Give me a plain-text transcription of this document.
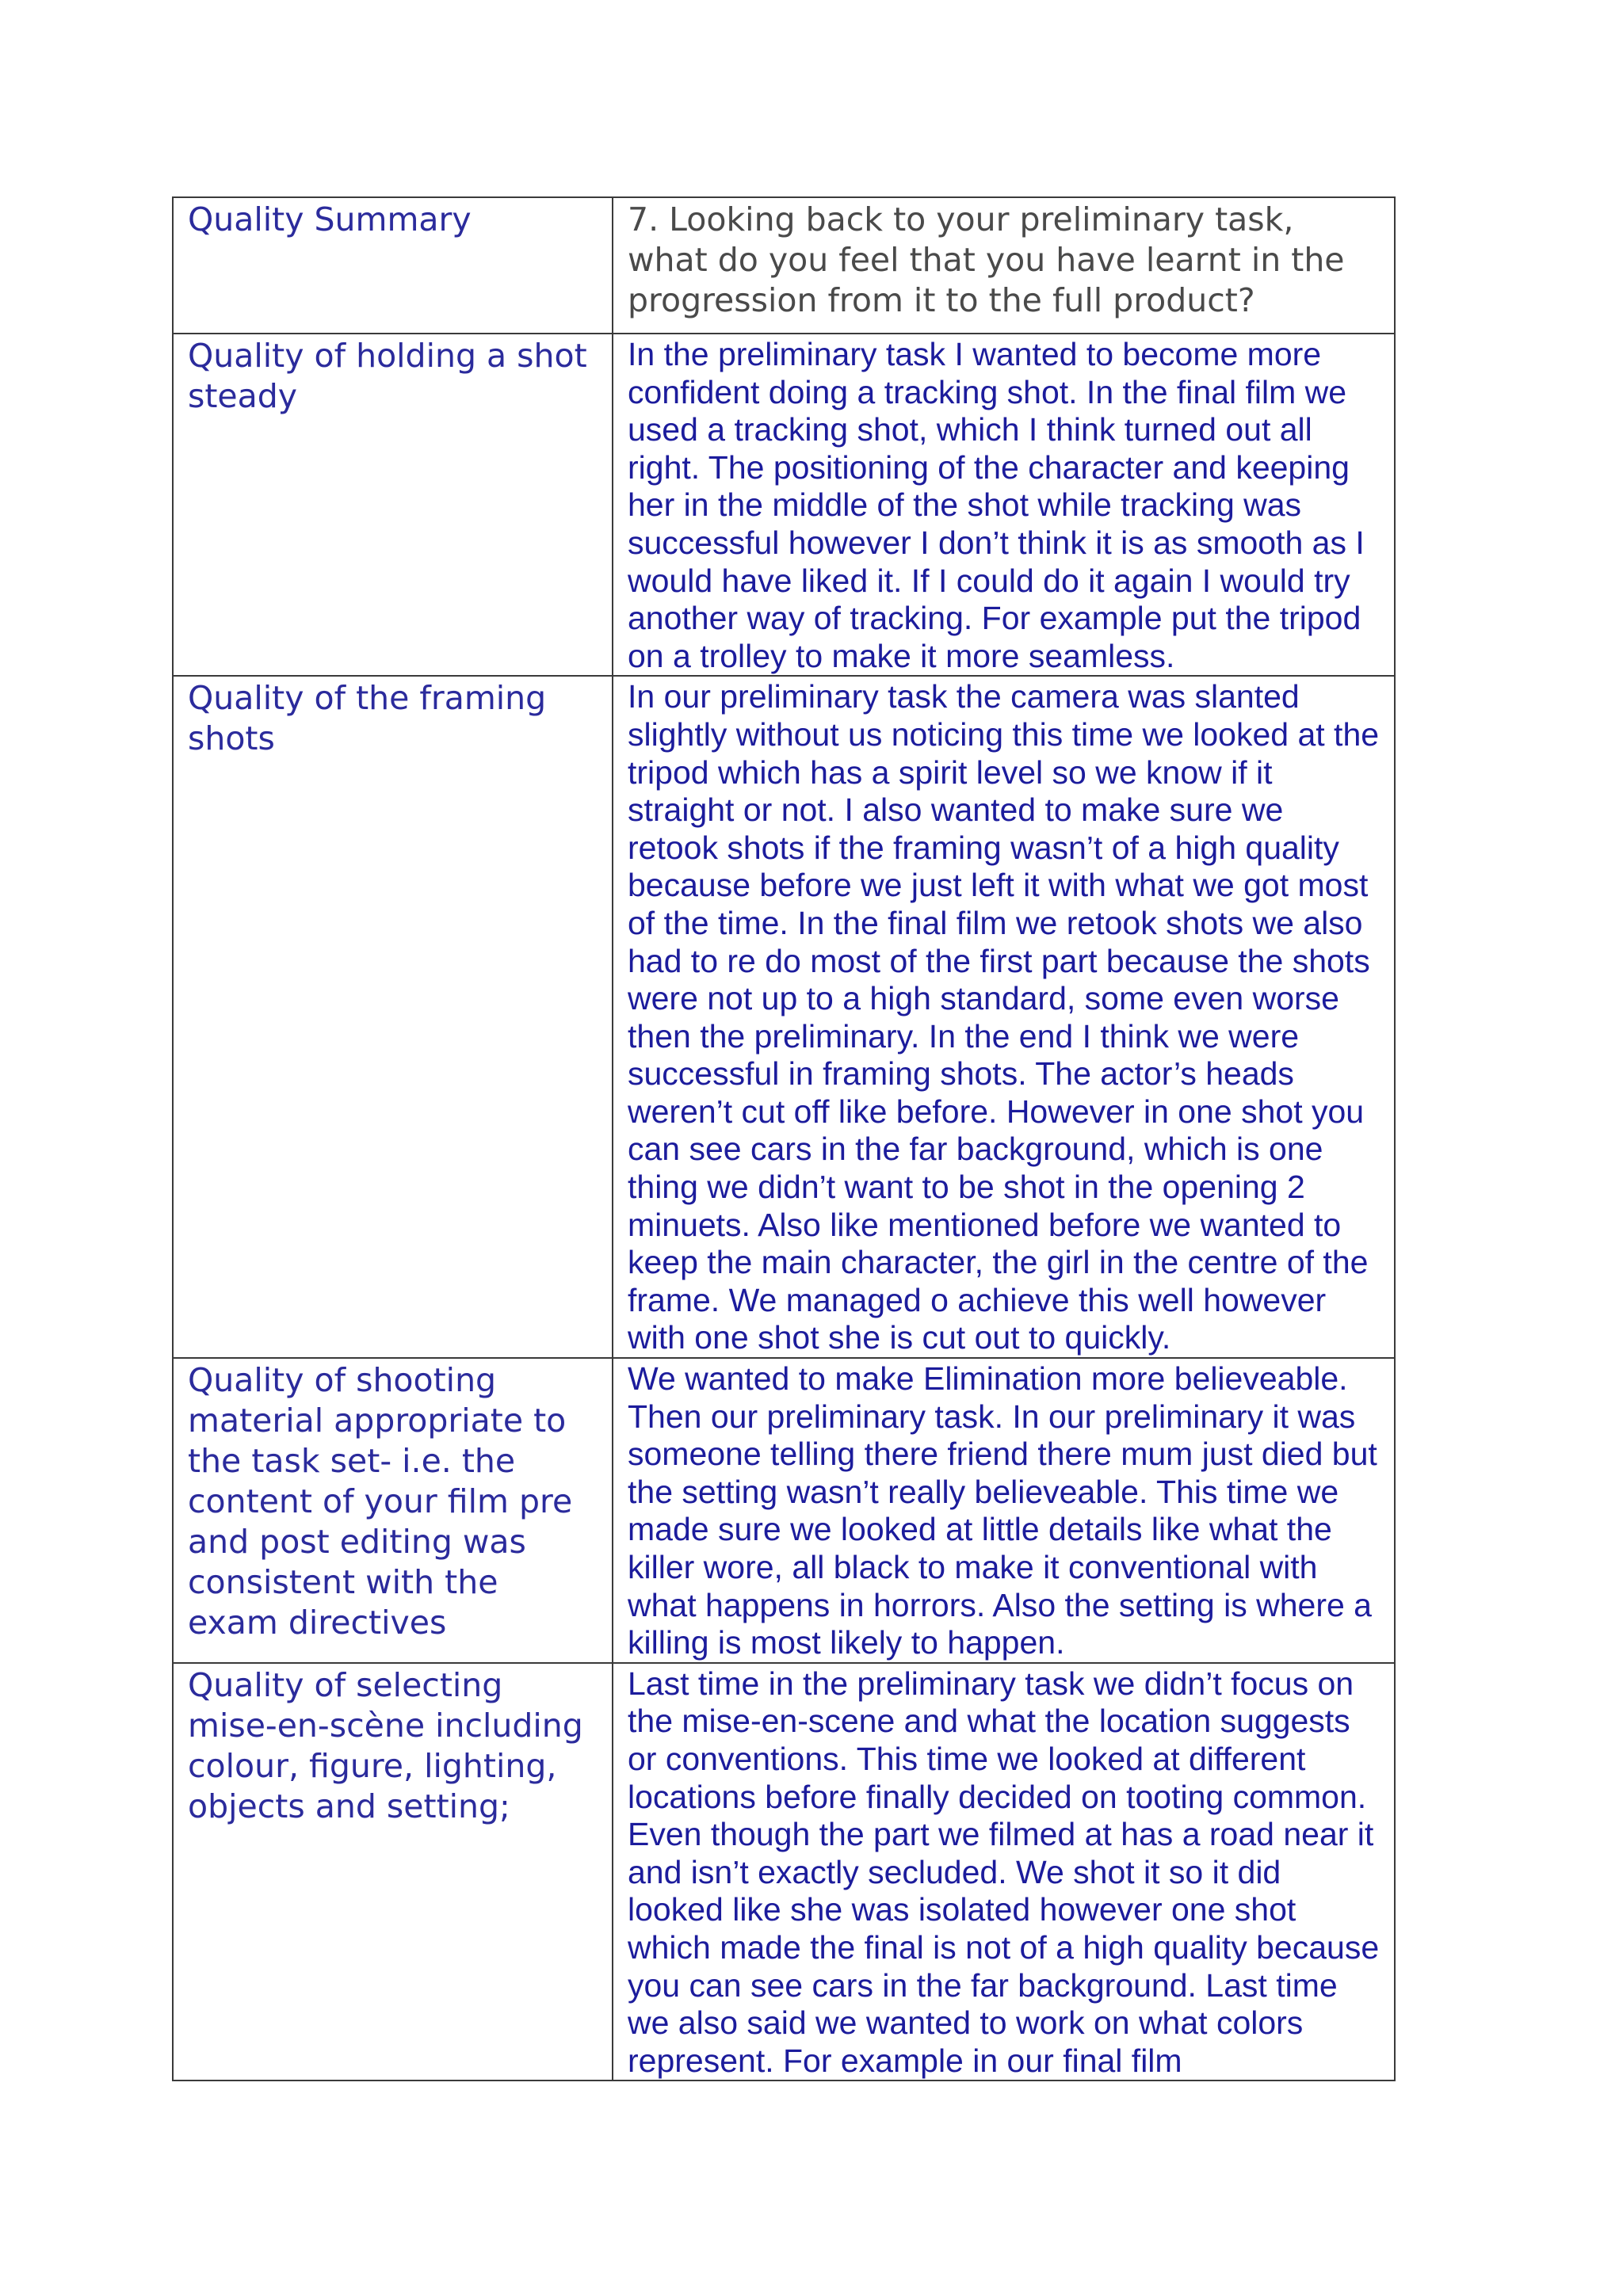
Quality Summary	7. Looking back to your preliminary task, what do you feel that you have learnt in the progression from it to the full product?

Quality of holding a shot steady	In the preliminary task I wanted to become more confident doing a tracking shot. In the final film we used a tracking shot, which I think turned out all right. The positioning of the character and keeping her in the middle of the shot while tracking was successful however I don’t think it is as smooth as I would have liked it. If I could do it again I would try another way of tracking. For example put the tripod on a trolley to make it more seamless.

Quality of the framing shots	In our preliminary task the camera was slanted slightly without us noticing this time we looked at the tripod which has a spirit level so we know if it straight or not. I also wanted to make sure we retook shots if the framing wasn’t of a high quality because before we just left it with what we got most of the time. In the final film we retook shots we also had to re do most of the first part because the shots were not up to a high standard, some even worse then the preliminary. In the end I think we were successful in framing shots. The actor’s heads weren’t cut off like before. However in one shot you can see cars in the far background, which is one thing we didn’t want to be shot in the opening 2 minuets. Also like mentioned before we wanted to keep the main character, the girl in the centre of the frame. We managed o achieve this well however with one shot she is cut out to quickly.

Quality of shooting material appropriate to the task set- i.e. the content of your film pre and post editing was consistent with the exam directives	We wanted to make Elimination more believeable. Then our preliminary task. In our preliminary it was someone telling there friend there mum just died but the setting wasn’t really believeable. This time we made sure we looked at little details like what the killer wore, all black to make it conventional with what happens in horrors. Also the setting is where a killing is most likely to happen.

Quality of selecting mise-en-scène including colour, figure, lighting, objects and setting;	Last time in the preliminary task we didn’t focus on the mise-en-scene and what the location suggests or conventions. This time we looked at different locations before finally decided on tooting common. Even though the part we filmed at has a road near it and isn’t exactly secluded. We shot it so it did looked like she was isolated however one shot which made the final is not of a high quality because you can see cars in the far background. Last time we also said we wanted to work on what colors represent. For example in our final film
